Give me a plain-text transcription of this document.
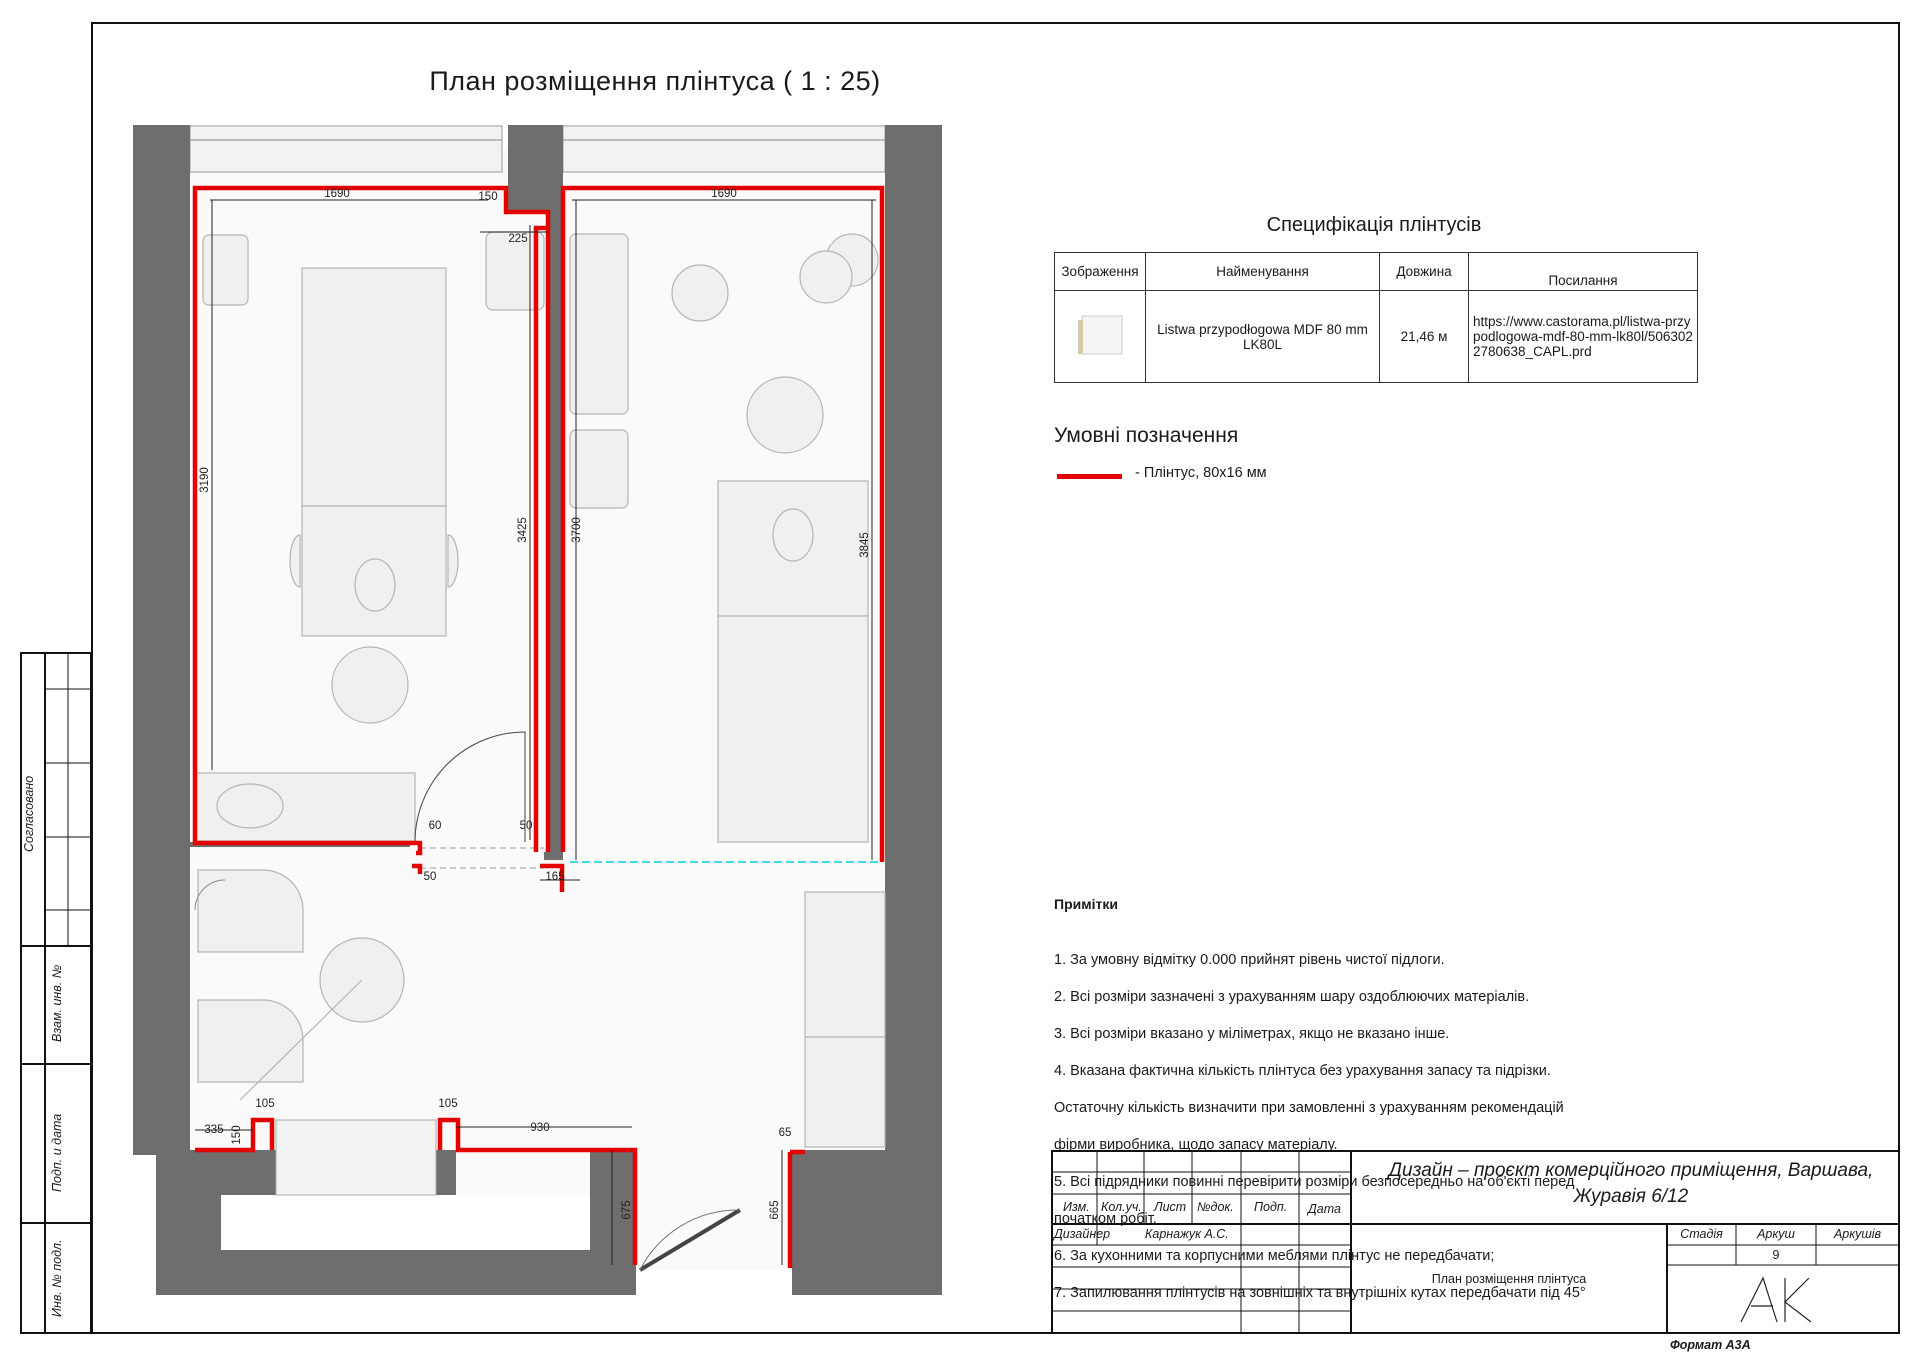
План розміщення плінтуса ( 1 : 25)
1690	1690
150
225
3190
3425	3700
3845
60	50
50	165
335 150
105	105
930	65
675	665
Специфікація плінтусів
Зображення	Найменування	Довжина	Посилання
	Listwa przypodłogowa MDF 80 mm LK80L	21,46 м	https://www.castorama.pl/listwa-przypodlogowa-mdf-80-mm-lk80l/5063022780638_CAPL.prd
Умовні позначення
- Плінтус, 80х16 мм
Примітки

1. За умовну відмітку 0.000 прийнят рівень чистої підлоги.

2. Всі розміри зазначені з урахуванням шару оздоблюючих матеріалів.

3. Всі розміри вказано у міліметрах, якщо не вказано інше.

4. Вказана фактична кількість плінтуса без урахування запасу та підрізки.

Остаточну кількість визначити при замовленні з урахуванням рекомендацій

фірми виробника, щодо запасу матеріалу.

5. Всі підрядники повинні перевірити розміри безпосередньо на об'єкті перед

початком робіт.

6. За кухонними та корпусними меблями плінтус не передбачати;

7. Запилювання плінтусів на зовнішніх та внутрішніх кутах передбачати під 45°

Дизайн – проєкт комерційного приміщення, Варшава, Журавія 6/12
Изм. Кол.уч. Лист №док. Подп. Дата
Дизайнер	Карнажук А.С.
План розміщення плінтуса
Стадія	Аркуш	Аркушів
9
Формат А3А
Согласовано
Взам. инв. №
Подп. и дата
Инв. № подл.
